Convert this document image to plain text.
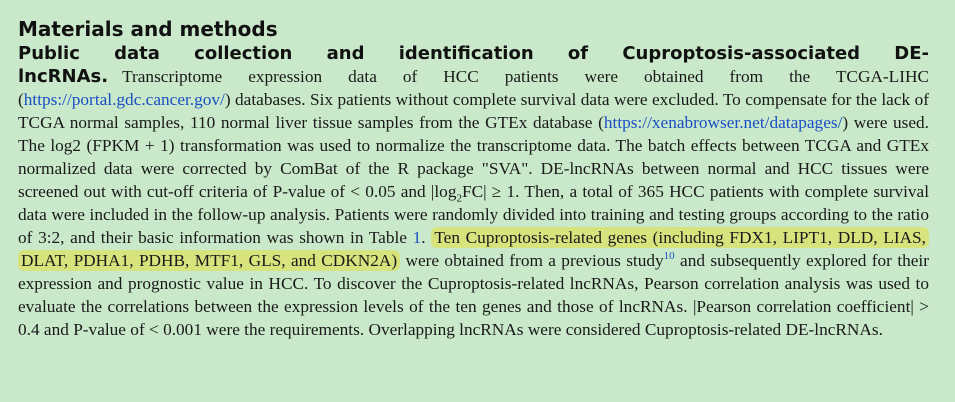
Materials and methods

Public data collection and identification of Cuproptosis-associated DE-lncRNAs. Transcriptome expression data of HCC patients were obtained from the TCGA-LIHC (https://portal.gdc.cancer.gov/) databases. Six patients without complete survival data were excluded. To compensate for the lack of TCGA normal samples, 110 normal liver tissue samples from the GTEx database (https://xenabrowser.net/datapages/) were used. The log2 (FPKM + 1) transformation was used to normalize the transcriptome data. The batch effects between TCGA and GTEx normalized data were corrected by ComBat of the R package "SVA". DE-lncRNAs between normal and HCC tissues were screened out with cut-off criteria of P-value of < 0.05 and $|\log_2FC| \ge 1$. Then, a total of 365 HCC patients with complete survival data were included in the follow-up analysis. Patients were randomly divided into training and testing groups according to the ratio of 3:2, and their basic information was shown in Table 1. Ten Cuproptosis-related genes (including FDX1, LIPT1, DLD, LIAS, DLAT, PDHA1, PDHB, MTF1, GLS, and CDKN2A) were obtained from a previous study$^{10}$ and subsequently explored for their expression and prognostic value in HCC. To discover the Cuproptosis-related lncRNAs, Pearson correlation analysis was used to evaluate the correlations between the expression levels of the ten genes and those of lncRNAs. |Pearson correlation coefficient| > 0.4 and P-value of < 0.001 were the requirements. Overlapping lncRNAs were considered Cuproptosis-related DE-lncRNAs.
